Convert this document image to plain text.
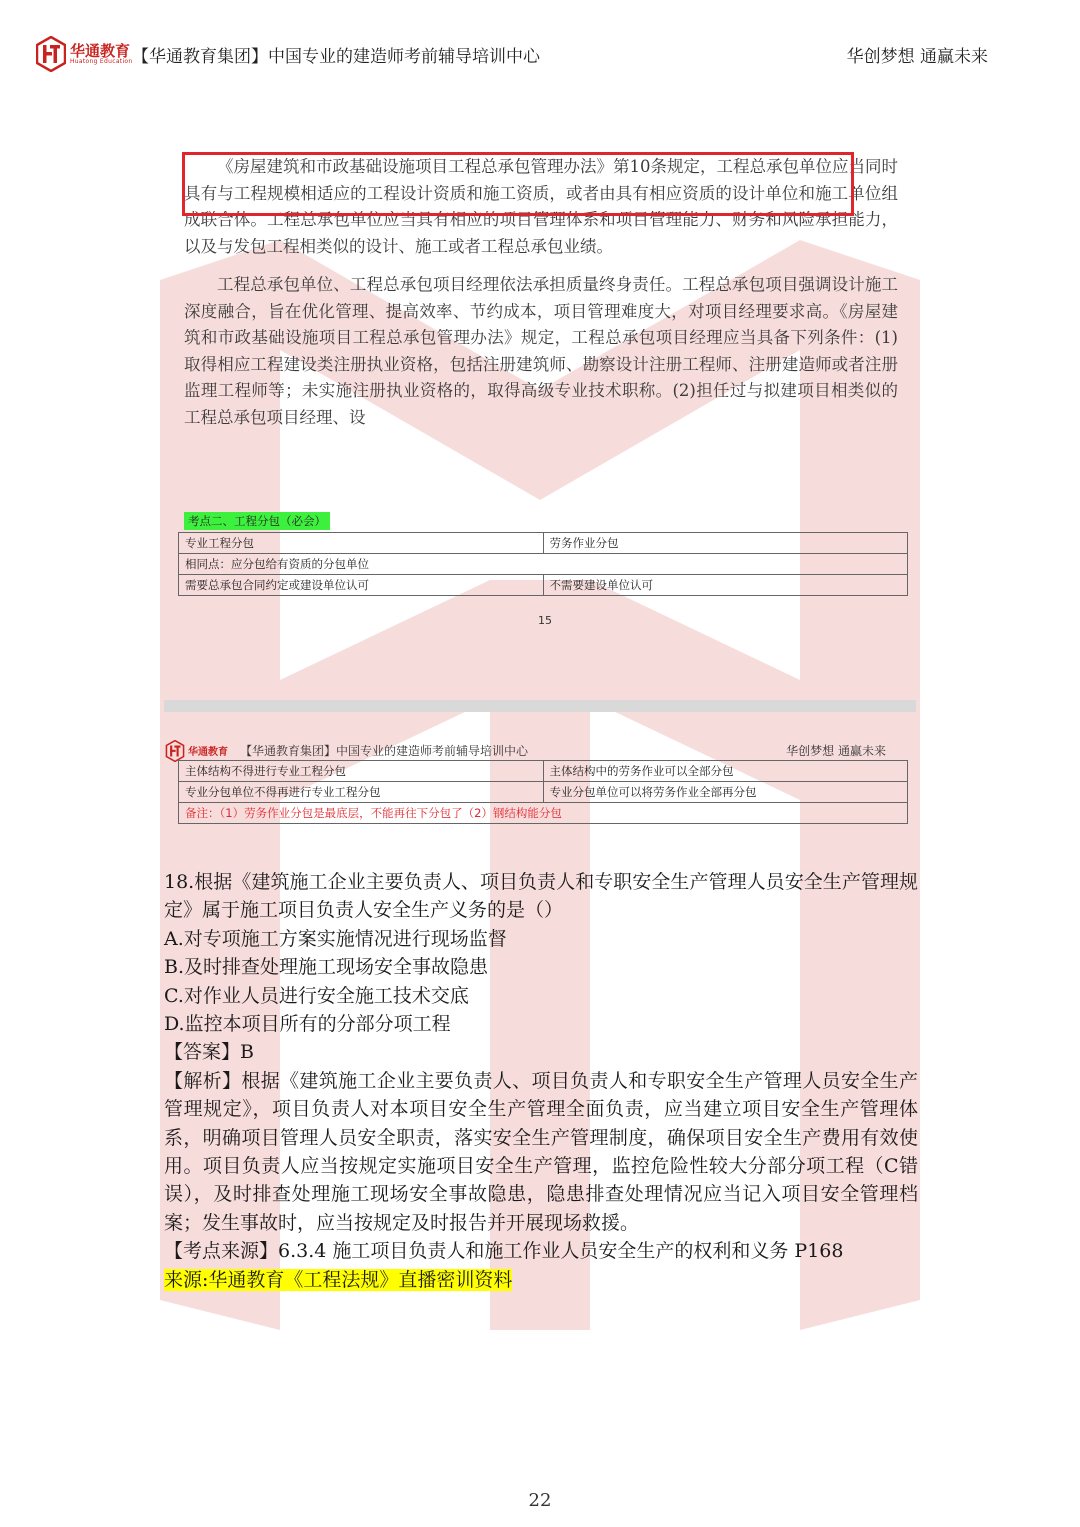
华通教育
Huatong Education 【华通教育集团】中国专业的建造师考前辅导培训中心	华创梦想 通赢未来

《房屋建筑和市政基础设施项目工程总承包管理办法》第10条规定，工程总承包单位应当同时具有与工程规模相适应的工程设计资质和施工资质，或者由具有相应资质的设计单位和施工单位组成联合体。工程总承包单位应当具有相应的项目管理体系和项目管理能力、财务和风险承担能力，以及与发包工程相类似的设计、施工或者工程总承包业绩。

工程总承包单位、工程总承包项目经理依法承担质量终身责任。工程总承包项目强调设计施工深度融合，旨在优化管理、提高效率、节约成本，项目管理难度大，对项目经理要求高。《房屋建筑和市政基础设施项目工程总承包管理办法》规定，工程总承包项目经理应当具备下列条件：(1)取得相应工程建设类注册执业资格，包括注册建筑师、勘察设计注册工程师、注册建造师或者注册监理工程师等；未实施注册执业资格的，取得高级专业技术职称。(2)担任过与拟建项目相类似的工程总承包项目经理、设

考点二、工程分包（必会）
专业工程分包	劳务作业分包
相同点：应分包给有资质的分包单位	
需要总承包合同约定或建设单位认可	不需要建设单位认可
15
华通教育 【华通教育集团】中国专业的建造师考前辅导培训中心	华创梦想 通赢未来
主体结构不得进行专业工程分包	主体结构中的劳务作业可以全部分包
专业分包单位不得再进行专业工程分包	专业分包单位可以将劳务作业全部再分包
备注：（1）劳务作业分包是最底层，不能再往下分包了（2）钢结构能分包	

18.根据《建筑施工企业主要负责人、项目负责人和专职安全生产管理人员安全生产管理规定》属于施工项目负责人安全生产义务的是（）

A.对专项施工方案实施情况进行现场监督

B.及时排查处理施工现场安全事故隐患

C.对作业人员进行安全施工技术交底

D.监控本项目所有的分部分项工程

【答案】B

【解析】根据《建筑施工企业主要负责人、项目负责人和专职安全生产管理人员安全生产管理规定》，项目负责人对本项目安全生产管理全面负责，应当建立项目安全生产管理体系，明确项目管理人员安全职责，落实安全生产管理制度，确保项目安全生产费用有效使用。项目负责人应当按规定实施项目安全生产管理，监控危险性较大分部分项工程（C错误），及时排查处理施工现场安全事故隐患，隐患排查处理情况应当记入项目安全管理档案；发生事故时，应当按规定及时报告并开展现场救援。

【考点来源】6.3.4 施工项目负责人和施工作业人员安全生产的权利和义务 P168

来源:华通教育《工程法规》直播密训资料

22
